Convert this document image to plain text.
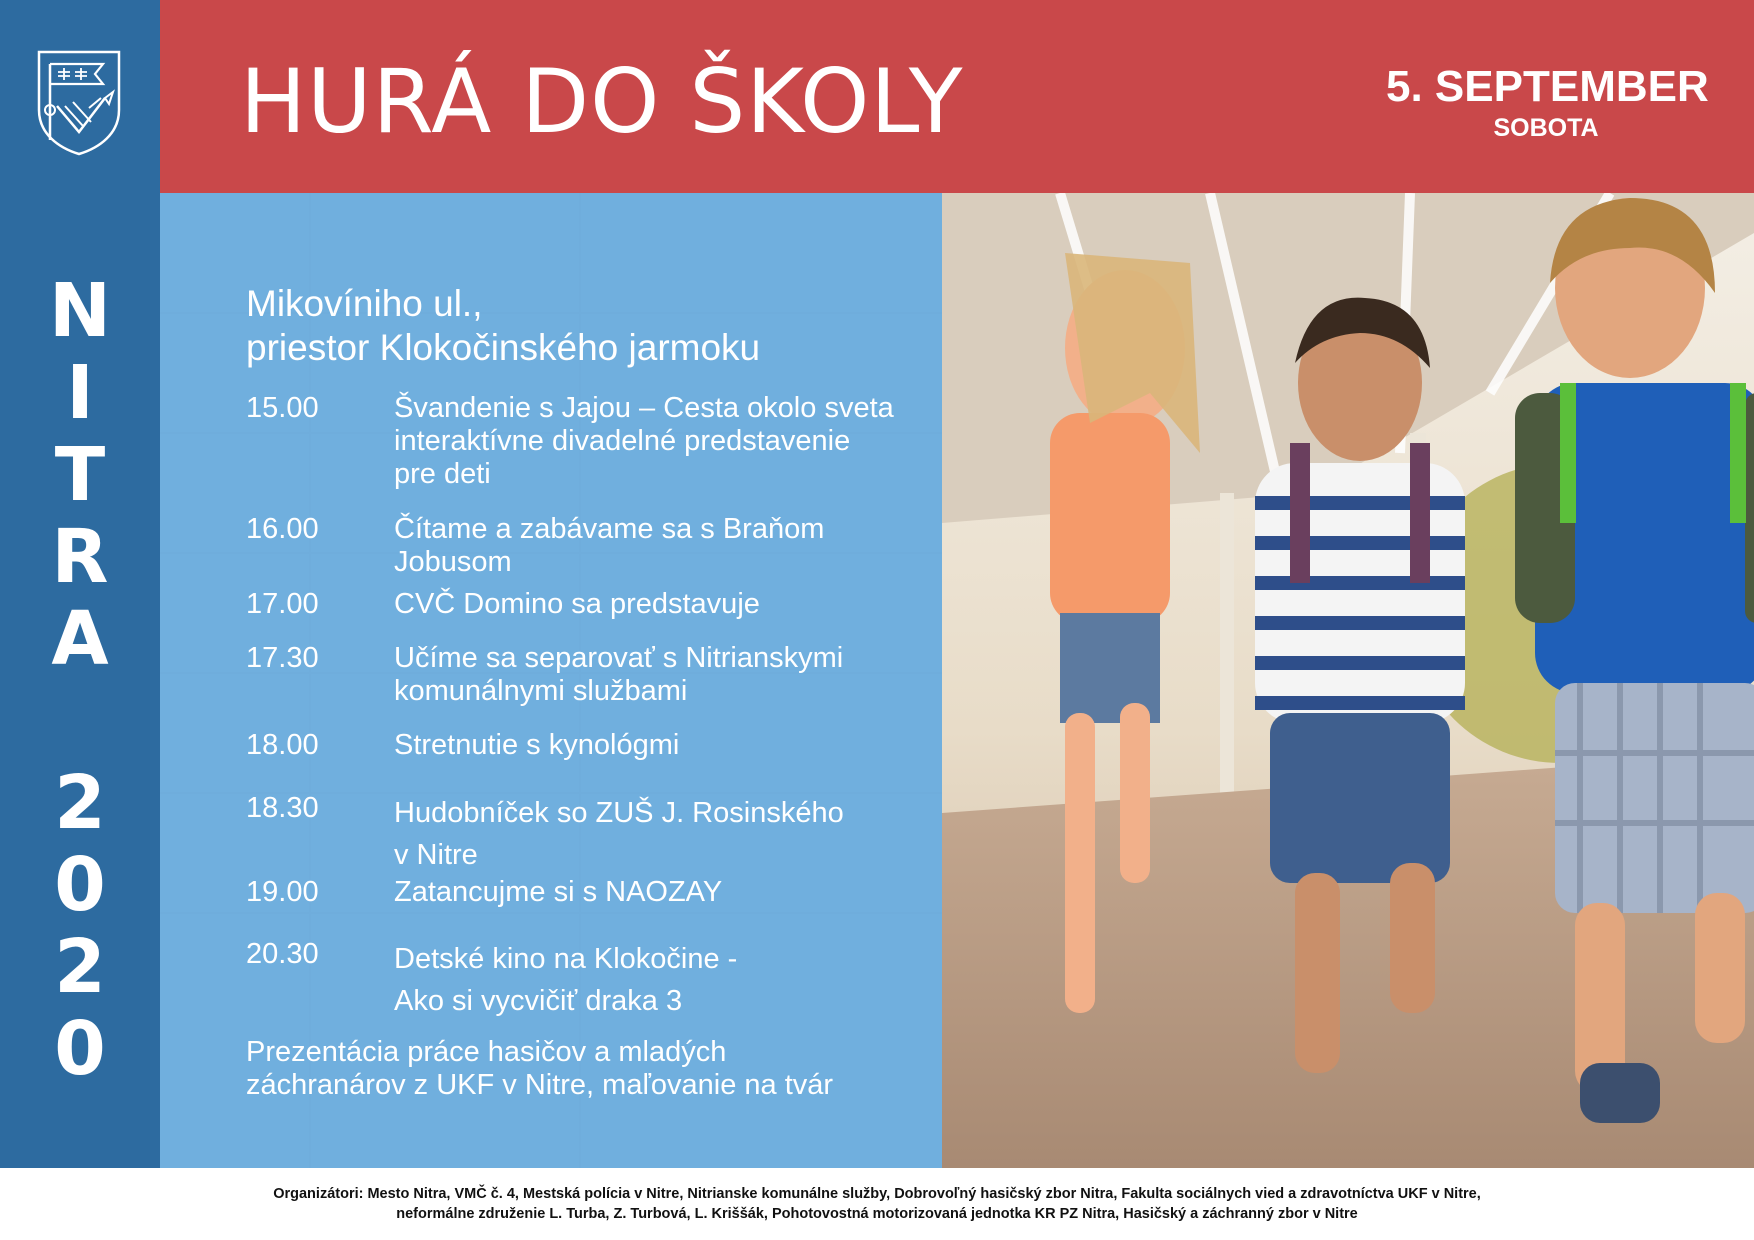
N
I
T
R
A
2
0
2
0
HURÁ DO ŠKOLY	5. SEPTEMBER
SOBOTA
Mikovíniho ul.,
priestor Klokočinského jarmoku
15.00	Švandenie s Jajou – Cesta okolo sveta
interaktívne divadelné predstavenie
pre deti
16.00	Čítame a zabávame sa s Braňom
Jobusom
17.00	CVČ Domino sa predstavuje
17.30	Učíme sa separovať s Nitrianskymi
komunálnymi službami
18.00	Stretnutie s kynológmi
18.30	Hudobníček so ZUŠ J. Rosinského
v Nitre
19.00	Zatancujme si s NAOZAY
20.30	Detské kino na Klokočine -
Ako si vycvičiť draka 3
Prezentácia práce hasičov a mladých
záchranárov z UKF v Nitre, maľovanie na tvár
Organizátori: Mesto Nitra, VMČ č. 4, Mestská polícia v Nitre, Nitrianske komunálne služby, Dobrovoľný hasičský zbor Nitra, Fakulta sociálnych vied a zdravotníctva UKF v Nitre,
neformálne združenie L. Turba, Z. Turbová, L. Kriššák, Pohotovostná motorizovaná jednotka KR PZ Nitra, Hasičský a záchranný zbor v Nitre
